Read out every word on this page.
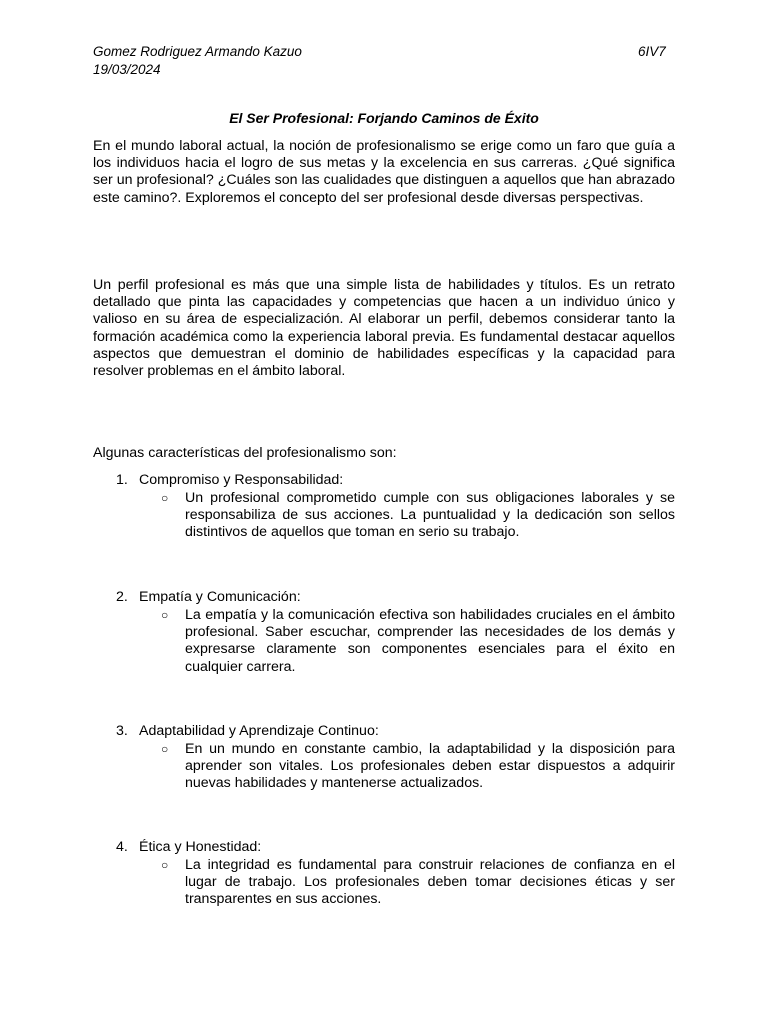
Gomez Rodriguez Armando Kazuo	6IV7
19/03/2024
El Ser Profesional: Forjando Caminos de Éxito

En el mundo laboral actual, la noción de profesionalismo se erige como un faro que guía a los individuos hacia el logro de sus metas y la excelencia en sus carreras. ¿Qué significa ser un profesional? ¿Cuáles son las cualidades que distinguen a aquellos que han abrazado este camino?. Exploremos el concepto del ser profesional desde diversas perspectivas.

Un perfil profesional es más que una simple lista de habilidades y títulos. Es un retrato detallado que pinta las capacidades y competencias que hacen a un individuo único y valioso en su área de especialización. Al elaborar un perfil, debemos considerar tanto la formación académica como la experiencia laboral previa. Es fundamental destacar aquellos aspectos que demuestran el dominio de habilidades específicas y la capacidad para resolver problemas en el ámbito laboral.

Algunas características del profesionalismo son:

1. Compromiso y Responsabilidad:
○ Un profesional comprometido cumple con sus obligaciones laborales y se responsabiliza de sus acciones. La puntualidad y la dedicación son sellos distintivos de aquellos que toman en serio su trabajo.

2. Empatía y Comunicación:
○ La empatía y la comunicación efectiva son habilidades cruciales en el ámbito profesional. Saber escuchar, comprender las necesidades de los demás y expresarse claramente son componentes esenciales para el éxito en cualquier carrera.

3. Adaptabilidad y Aprendizaje Continuo:
○ En un mundo en constante cambio, la adaptabilidad y la disposición para aprender son vitales. Los profesionales deben estar dispuestos a adquirir nuevas habilidades y mantenerse actualizados.

4. Ética y Honestidad:
○ La integridad es fundamental para construir relaciones de confianza en el lugar de trabajo. Los profesionales deben tomar decisiones éticas y ser transparentes en sus acciones.
